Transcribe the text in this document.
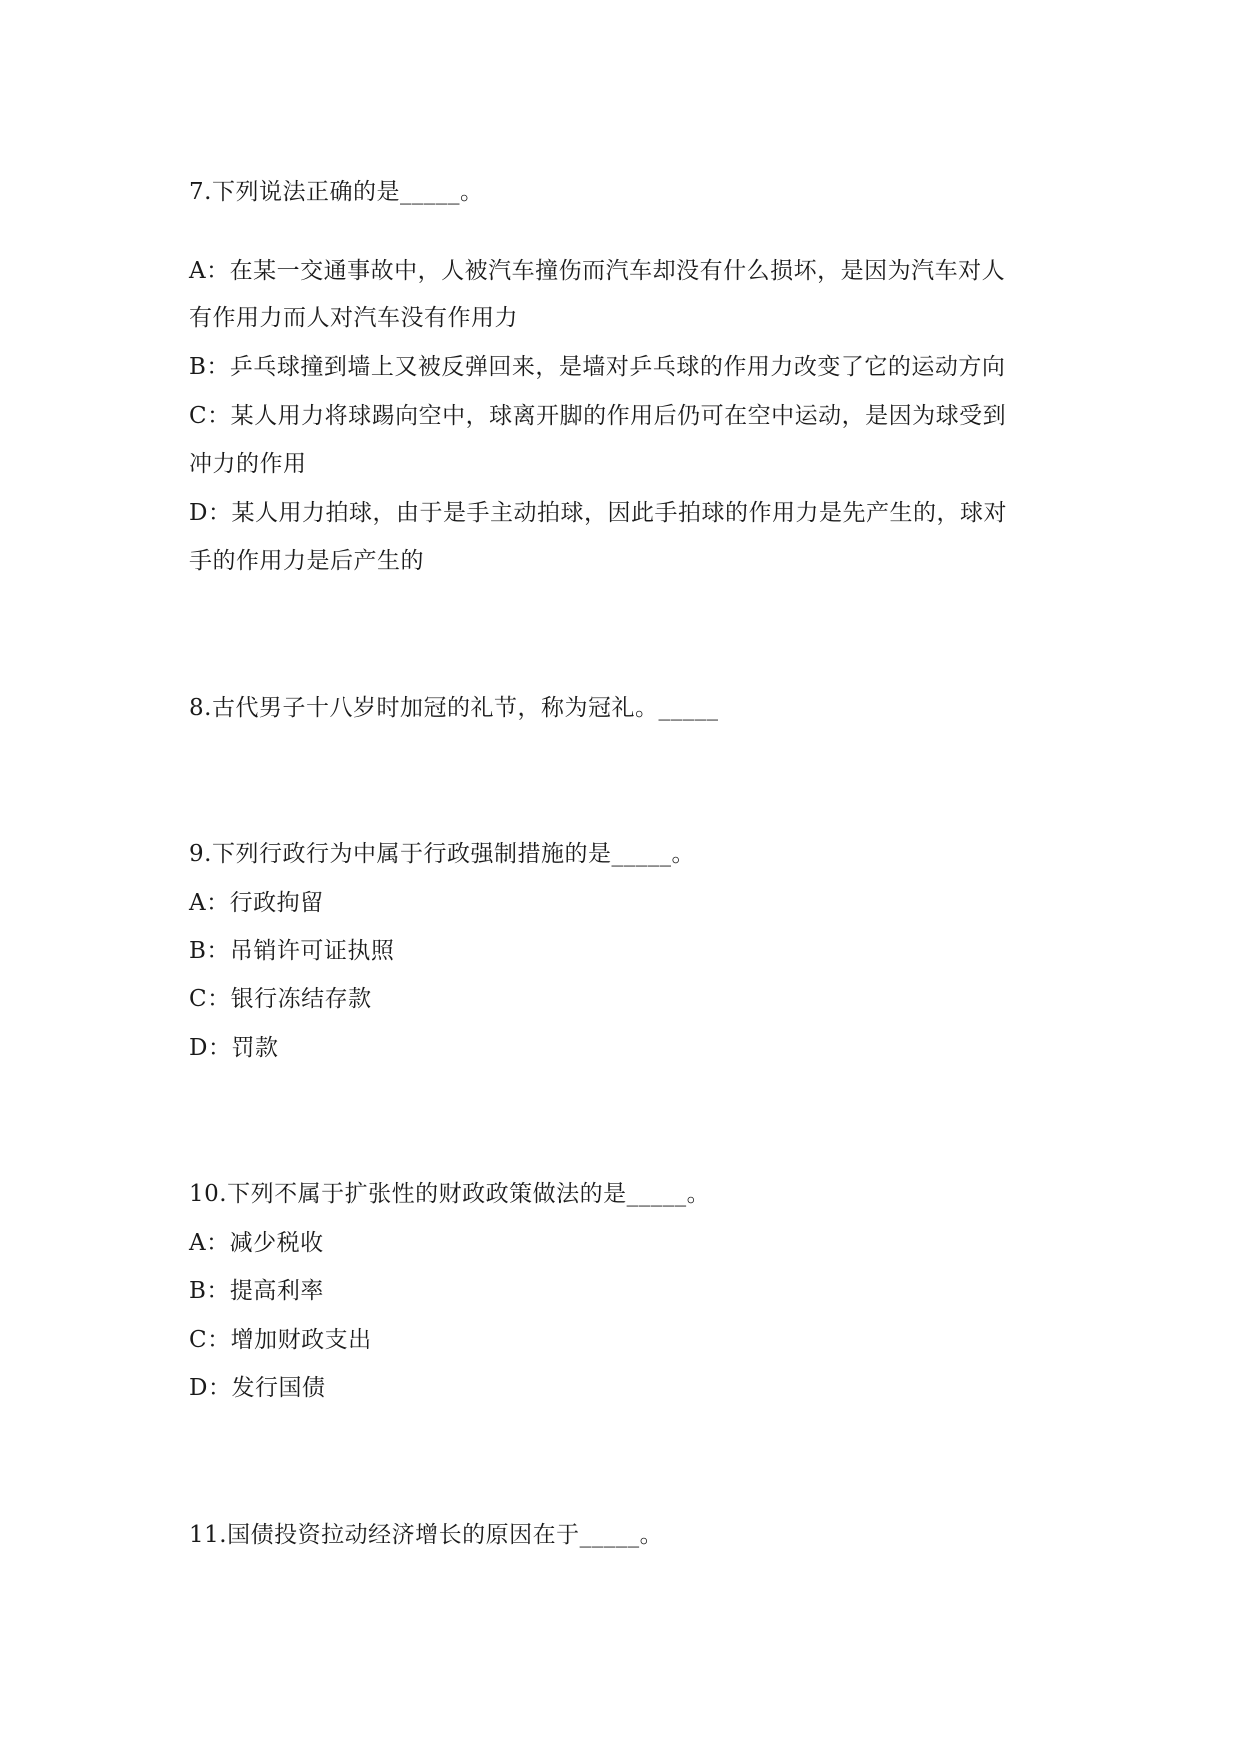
7.下列说法正确的是_____。
A：在某一交通事故中，人被汽车撞伤而汽车却没有什么损坏，是因为汽车对人
有作用力而人对汽车没有作用力
B：乒乓球撞到墙上又被反弹回来，是墙对乒乓球的作用力改变了它的运动方向
C：某人用力将球踢向空中，球离开脚的作用后仍可在空中运动，是因为球受到
冲力的作用
D：某人用力拍球，由于是手主动拍球，因此手拍球的作用力是先产生的，球对
手的作用力是后产生的
8.古代男子十八岁时加冠的礼节，称为冠礼。_____
9.下列行政行为中属于行政强制措施的是_____。
A：行政拘留
B：吊销许可证执照
C：银行冻结存款
D：罚款
10.下列不属于扩张性的财政政策做法的是_____。
A：减少税收
B：提高利率
C：增加财政支出
D：发行国债
11.国债投资拉动经济增长的原因在于_____。
